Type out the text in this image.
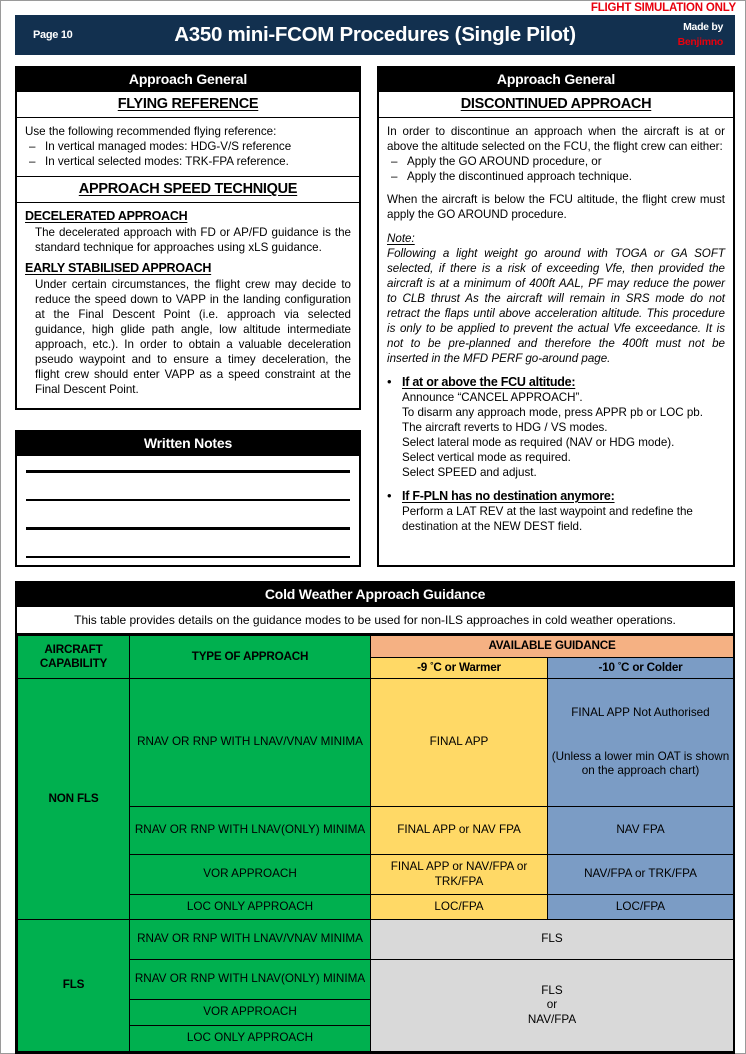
FLIGHT SIMULATION ONLY
Page 10	A350 mini-FCOM Procedures (Single Pilot)	Made by
Benjimno
Approach General
FLYING REFERENCE
Use the following recommended flying reference:
– In vertical managed modes: HDG-V/S reference
– In vertical selected modes: TRK-FPA reference.
APPROACH SPEED TECHNIQUE
DECELERATED APPROACH
The decelerated approach with FD or AP/FD guidance is the standard technique for approaches using xLS guidance.
EARLY STABILISED APPROACH
Under certain circumstances, the flight crew may decide to reduce the speed down to VAPP in the landing configuration at the Final Descent Point (i.e. approach via selected guidance, high glide path angle, low altitude intermediate approach, etc.). In order to obtain a valuable deceleration pseudo waypoint and to ensure a timey deceleration, the flight crew should enter VAPP as a speed constraint at the Final Descent Point.
Written Notes
Approach General
DISCONTINUED APPROACH
In order to discontinue an approach when the aircraft is at or above the altitude selected on the FCU, the flight crew can either:
– Apply the GO AROUND procedure, or
– Apply the discontinued approach technique.
When the aircraft is below the FCU altitude, the flight crew must apply the GO AROUND procedure.
Note:
Following a light weight go around with TOGA or GA SOFT selected, if there is a risk of exceeding Vfe, then provided the aircraft is at a minimum of 400ft AAL, PF may reduce the power to CLB thrust As the aircraft will remain in SRS mode do not retract the flaps until above acceleration altitude. This procedure is only to be applied to prevent the actual Vfe exceedance. It is not to be pre-planned and therefore the 400ft must not be inserted in the MFD PERF go-around page.
• If at or above the FCU altitude:
Announce “CANCEL APPROACH”.
To disarm any approach mode, press APPR pb or LOC pb.
The aircraft reverts to HDG / VS modes.
Select lateral mode as required (NAV or HDG mode).
Select vertical mode as required.
Select SPEED and adjust.
• If F-PLN has no destination anymore:
Perform a LAT REV at the last waypoint and redefine the destination at the NEW DEST field.
Cold Weather Approach Guidance
This table provides details on the guidance modes to be used for non-ILS approaches in cold weather operations.
AIRCRAFT CAPABILITY	TYPE OF APPROACH	AVAILABLE GUIDANCE	
		-9 °C or Warmer	-10 °C or Colder
NON FLS	RNAV OR RNP WITH LNAV/VNAV MINIMA	FINAL APP	FINAL APP Not Authorised

(Unless a lower min OAT is shown on the approach chart)
	RNAV OR RNP WITH LNAV(ONLY) MINIMA	FINAL APP or NAV FPA	NAV FPA
	VOR APPROACH	FINAL APP or NAV/FPA or TRK/FPA	NAV/FPA or TRK/FPA
	LOC ONLY APPROACH	LOC/FPA	LOC/FPA
FLS	RNAV OR RNP WITH LNAV/VNAV MINIMA	FLS	
	RNAV OR RNP WITH LNAV(ONLY) MINIMA	FLS
or
NAV/FPA	
	VOR APPROACH		
	LOC ONLY APPROACH		
